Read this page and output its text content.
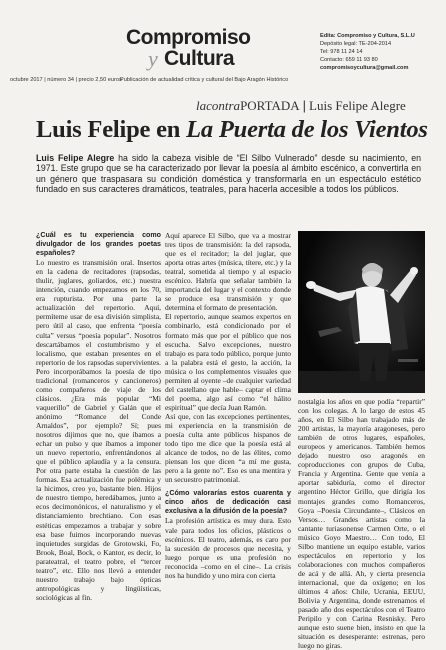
Compromiso
y Cultura
Edita: Compromiso y Cultura, S.L.U
Depósito legal: TE-204-2014
Tel: 978 11 24 14
Contacto: 659 11 93 80
compromisoycultura@gmail.com
octubre 2017 | número 34 | precio 2,50 euros
Publicación de actualidad crítica y cultural del Bajo Aragón Histórico
lacontraPORTADA | Luis Felipe Alegre
Luis Felipe en La Puerta de los Vientos
Luis Felipe Alegre ha sido la cabeza visible de “El Silbo Vulnerado” desde su nacimiento, en 1971. Este grupo que se ha caracterizado por llevar la poesía al ámbito escénico, a convertirla en un género que traspasara su condición doméstica y transformarla en un espectáculo estético fundado en sus caracteres dramáticos, teatrales, para hacerla accesible a todos los públicos.
¿Cuál es tu experiencia como divulgador de los grandes poetas españoles?

Lo nuestro es transmisión oral. Insertos en la cadena de recitadores (rapsodas, thulir, juglares, goliardos, etc.) nuestra intención, cuando empezamos en los 70, era rupturista. Por una parte la actualización del repertorio. Aquí, permíteme usar de esa división simplista, pero útil al caso, que enfrenta “poesía culta” versus “poesía popular”. Nosotros descartábamos el costumbrismo y el localismo, que estaban presentes en el repertorio de los rapsodas supervivientes. Pero incorporábamos la poesía de tipo tradicional (romanceros y cancioneros) como compañeros de viaje de los clásicos. ¿Era más popular “Mi vaquerillo” de Gabriel y Galán que el anónimo “Romance del Conde Arnaldos”, por ejemplo? Sí; pues nosotros dijimos que no, que íbamos a echar un pulso y que íbamos a imponer un nuevo repertorio, enfrentándonos al que el público aplaudía y a la censura. Por otra parte estaba la cuestión de las formas. Esa actualización fue polémica y la hicimos, creo yo, bastante bien. Hijos de nuestro tiempo, heredábamos, junto a ecos decimonónicos, el naturalismo y el distanciamiento brechtiano. Con esas estéticas empezamos a trabajar y sobre esa base fuimos incorporando nuevas inquietudes surgidas de Grotowski, Fo, Brook, Boal, Bock, o Kantor, es decir, lo parateatral, el teatro pobre, el “tercer teatro”, etc. Ello nos llevó a entender nuestro trabajo bajo ópticas antropológicas y lingüísticas, sociológicas al fin.

Aquí aparece El Silbo, que va a mostrar tres tipos de transmisión: la del rapsoda, que es el recitador; la del juglar, que aporta otras artes (música, títere, etc.) y la teatral, sometida al tiempo y al espacio escénico. Habría que señalar también la importancia del lugar y el contexto donde se produce esa transmisión y que determina el formato de presentación.

El repertorio, aunque seamos expertos en combinarlo, está condicionado por el formato más que por el público que nos escucha. Salvo excepciones, nuestro trabajo es para todo público, porque junto a la palabra está el gesto, la acción, la música o los complementos visuales que permiten al oyente –de cualquier variedad del castellano que hable– captar el clima del poema, algo así como “el hálito espiritual” que decía Juan Ramón.

Así que, con las excepciones pertinentes, mi experiencia en la transmisión de poesía culta ante públicos hispanos de todo tipo me dice que la poesía está al alcance de todos, no de las élites, como piensan los que dicen “a mí me gusta, pero a la gente no”. Eso es una mentira y un secuestro patrimonial.

¿Cómo valorarías estos cuarenta y cinco años de dedicación casi exclusiva a la difusión de la poesía?

La profesión artística es muy dura. Esto vale para todos los oficios, plásticos o escénicos. El teatro, además, es caro por la sucesión de procesos que necesita, y luego porque es una profesión no reconocida –como en el cine–. La crisis nos ha hundido y uno mira con cierta

nostalgia los años en que podía “repartir” con los colegas. A lo largo de estos 45 años, en El Silbo han trabajado más de 200 artistas, la mayoría aragoneses, pero también de otros lugares, españoles, europeos y americanos. También hemos dejado nuestro oso aragonés en coproducciones con grupos de Cuba, Francia y Argentina. Gente que venía a aportar sabiduría, como el director argentino Héctor Grillo, que dirigía los montajes grandes como Romanceros, Goya –Poesía Circundante–, Clásicos en Versos… Grandes artistas como la cantante turiasonense Carmen Orte, o el músico Goyo Maestro… Con todo, El Silbo mantiene un equipo estable, varios espectáculos en repertorio y los colaboraciones con muchos compañeros de acá y de allá. Ah, y cierta presencia internacional, que da oxígeno; en los últimos 4 años: Chile, Ucrania, EEUU, Bolivia y Argentina, donde estrenamos el pasado año dos espectáculos con el Teatro Peripilo y con Carina Resnisky. Pero aunque esto suene bien, insisto en que la situación es desesperante: estrenas, pero luego no giras.
